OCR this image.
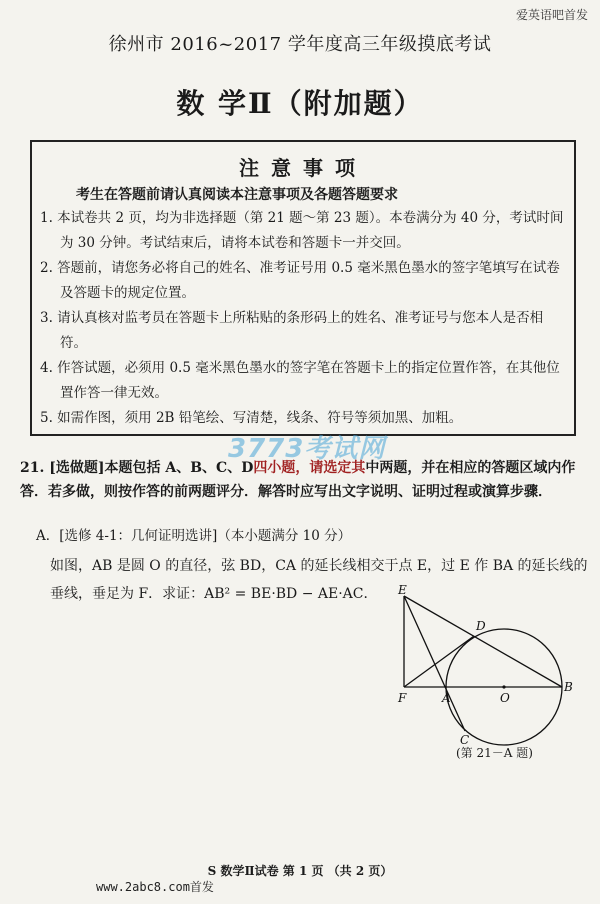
爱英语吧首发
徐州市 2016~2017 学年度高三年级摸底考试
数 学Ⅱ（附加题）
注意事项
考生在答题前请认真阅读本注意事项及各题答题要求
1. 本试卷共 2 页，均为非选择题（第 21 题～第 23 题）。本卷满分为 40 分，考试时间为 30 分钟。考试结束后，请将本试卷和答题卡一并交回。
2. 答题前，请您务必将自己的姓名、准考证号用 0.5 毫米黑色墨水的签字笔填写在试卷及答题卡的规定位置。
3. 请认真核对监考员在答题卡上所粘贴的条形码上的姓名、准考证号与您本人是否相符。
4. 作答试题，必须用 0.5 毫米黑色墨水的签字笔在答题卡上的指定位置作答，在其他位置作答一律无效。
5. 如需作图，须用 2B 铅笔绘、写清楚，线条、符号等须加黑、加粗。
3773考试网
21. [选做题]本题包括 A、B、C、D四小题，请选定其中两题，并在相应的答题区域内作答．若多做，则按作答的前两题评分．解答时应写出文字说明、证明过程或演算步骤．
A．[选修 4-1：几何证明选讲]（本小题满分 10 分）
如图，AB 是圆 O 的直径，弦 BD，CA 的延长线相交于点 E，过 E 作 BA 的延长线的
垂线，垂足为 F．求证：AB² = BE·BD − AE·AC．	E
D
F	A	O
B
C
(第 21－A 题)
S 数学Ⅱ试卷 第 1 页 （共 2 页）
www.2abc8.com首发
